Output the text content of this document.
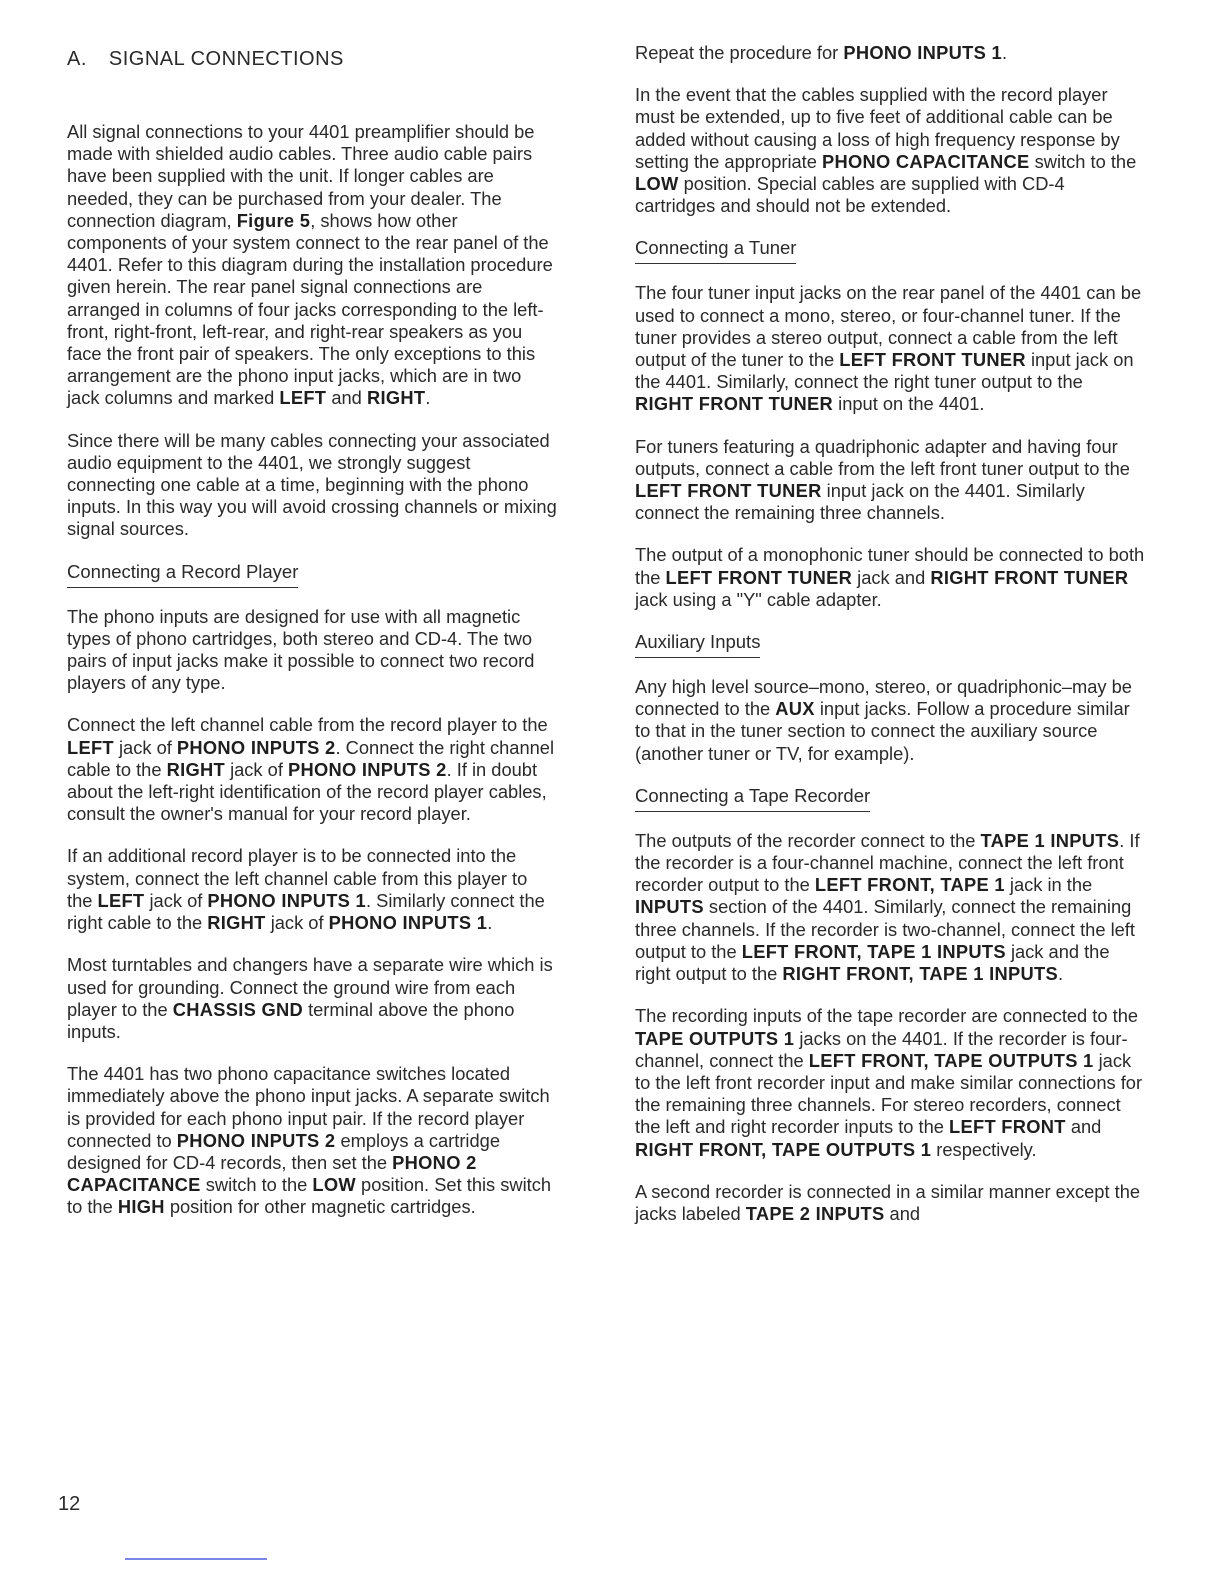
A. SIGNAL CONNECTIONS

All signal connections to your 4401 preamplifier should be made with shielded audio cables. Three audio cable pairs have been supplied with the unit. If longer cables are needed, they can be purchased from your dealer. The connection diagram, Figure 5, shows how other components of your system connect to the rear panel of the 4401. Refer to this diagram during the installation procedure given herein. The rear panel signal connections are arranged in columns of four jacks corresponding to the left-front, right-front, left-rear, and right-rear speakers as you face the front pair of speakers. The only exceptions to this arrangement are the phono input jacks, which are in two jack columns and marked LEFT and RIGHT.

Since there will be many cables connecting your associated audio equipment to the 4401, we strongly suggest connecting one cable at a time, beginning with the phono inputs. In this way you will avoid crossing channels or mixing signal sources.

Connecting a Record Player

The phono inputs are designed for use with all magnetic types of phono cartridges, both stereo and CD-4. The two pairs of input jacks make it possible to connect two record players of any type.

Connect the left channel cable from the record player to the LEFT jack of PHONO INPUTS 2. Connect the right channel cable to the RIGHT jack of PHONO INPUTS 2. If in doubt about the left-right identification of the record player cables, consult the owner's manual for your record player.

If an additional record player is to be connected into the system, connect the left channel cable from this player to the LEFT jack of PHONO INPUTS 1. Similarly connect the right cable to the RIGHT jack of PHONO INPUTS 1.

Most turntables and changers have a separate wire which is used for grounding. Connect the ground wire from each player to the CHASSIS GND terminal above the phono inputs.

The 4401 has two phono capacitance switches located immediately above the phono input jacks. A separate switch is provided for each phono input pair. If the record player connected to PHONO INPUTS 2 employs a cartridge designed for CD-4 records, then set the PHONO 2 CAPACITANCE switch to the LOW position. Set this switch to the HIGH position for other magnetic cartridges.

Repeat the procedure for PHONO INPUTS 1.

In the event that the cables supplied with the record player must be extended, up to five feet of additional cable can be added without causing a loss of high frequency response by setting the appropriate PHONO CAPACITANCE switch to the LOW position. Special cables are supplied with CD-4 cartridges and should not be extended.

Connecting a Tuner

The four tuner input jacks on the rear panel of the 4401 can be used to connect a mono, stereo, or four-channel tuner. If the tuner provides a stereo output, connect a cable from the left output of the tuner to the LEFT FRONT TUNER input jack on the 4401. Similarly, connect the right tuner output to the RIGHT FRONT TUNER input on the 4401.

For tuners featuring a quadriphonic adapter and having four outputs, connect a cable from the left front tuner output to the LEFT FRONT TUNER input jack on the 4401. Similarly connect the remaining three channels.

The output of a monophonic tuner should be connected to both the LEFT FRONT TUNER jack and RIGHT FRONT TUNER jack using a "Y" cable adapter.

Auxiliary Inputs

Any high level source–mono, stereo, or quadriphonic–may be connected to the AUX input jacks. Follow a procedure similar to that in the tuner section to connect the auxiliary source (another tuner or TV, for example).

Connecting a Tape Recorder

The outputs of the recorder connect to the TAPE 1 INPUTS. If the recorder is a four-channel machine, connect the left front recorder output to the LEFT FRONT, TAPE 1 jack in the INPUTS section of the 4401. Similarly, connect the remaining three channels. If the recorder is two-channel, connect the left output to the LEFT FRONT, TAPE 1 INPUTS jack and the right output to the RIGHT FRONT, TAPE 1 INPUTS.

The recording inputs of the tape recorder are connected to the TAPE OUTPUTS 1 jacks on the 4401. If the recorder is four-channel, connect the LEFT FRONT, TAPE OUTPUTS 1 jack to the left front recorder input and make similar connections for the remaining three channels. For stereo recorders, connect the left and right recorder inputs to the LEFT FRONT and RIGHT FRONT, TAPE OUTPUTS 1 respectively.

A second recorder is connected in a similar manner except the jacks labeled TAPE 2 INPUTS and

12
